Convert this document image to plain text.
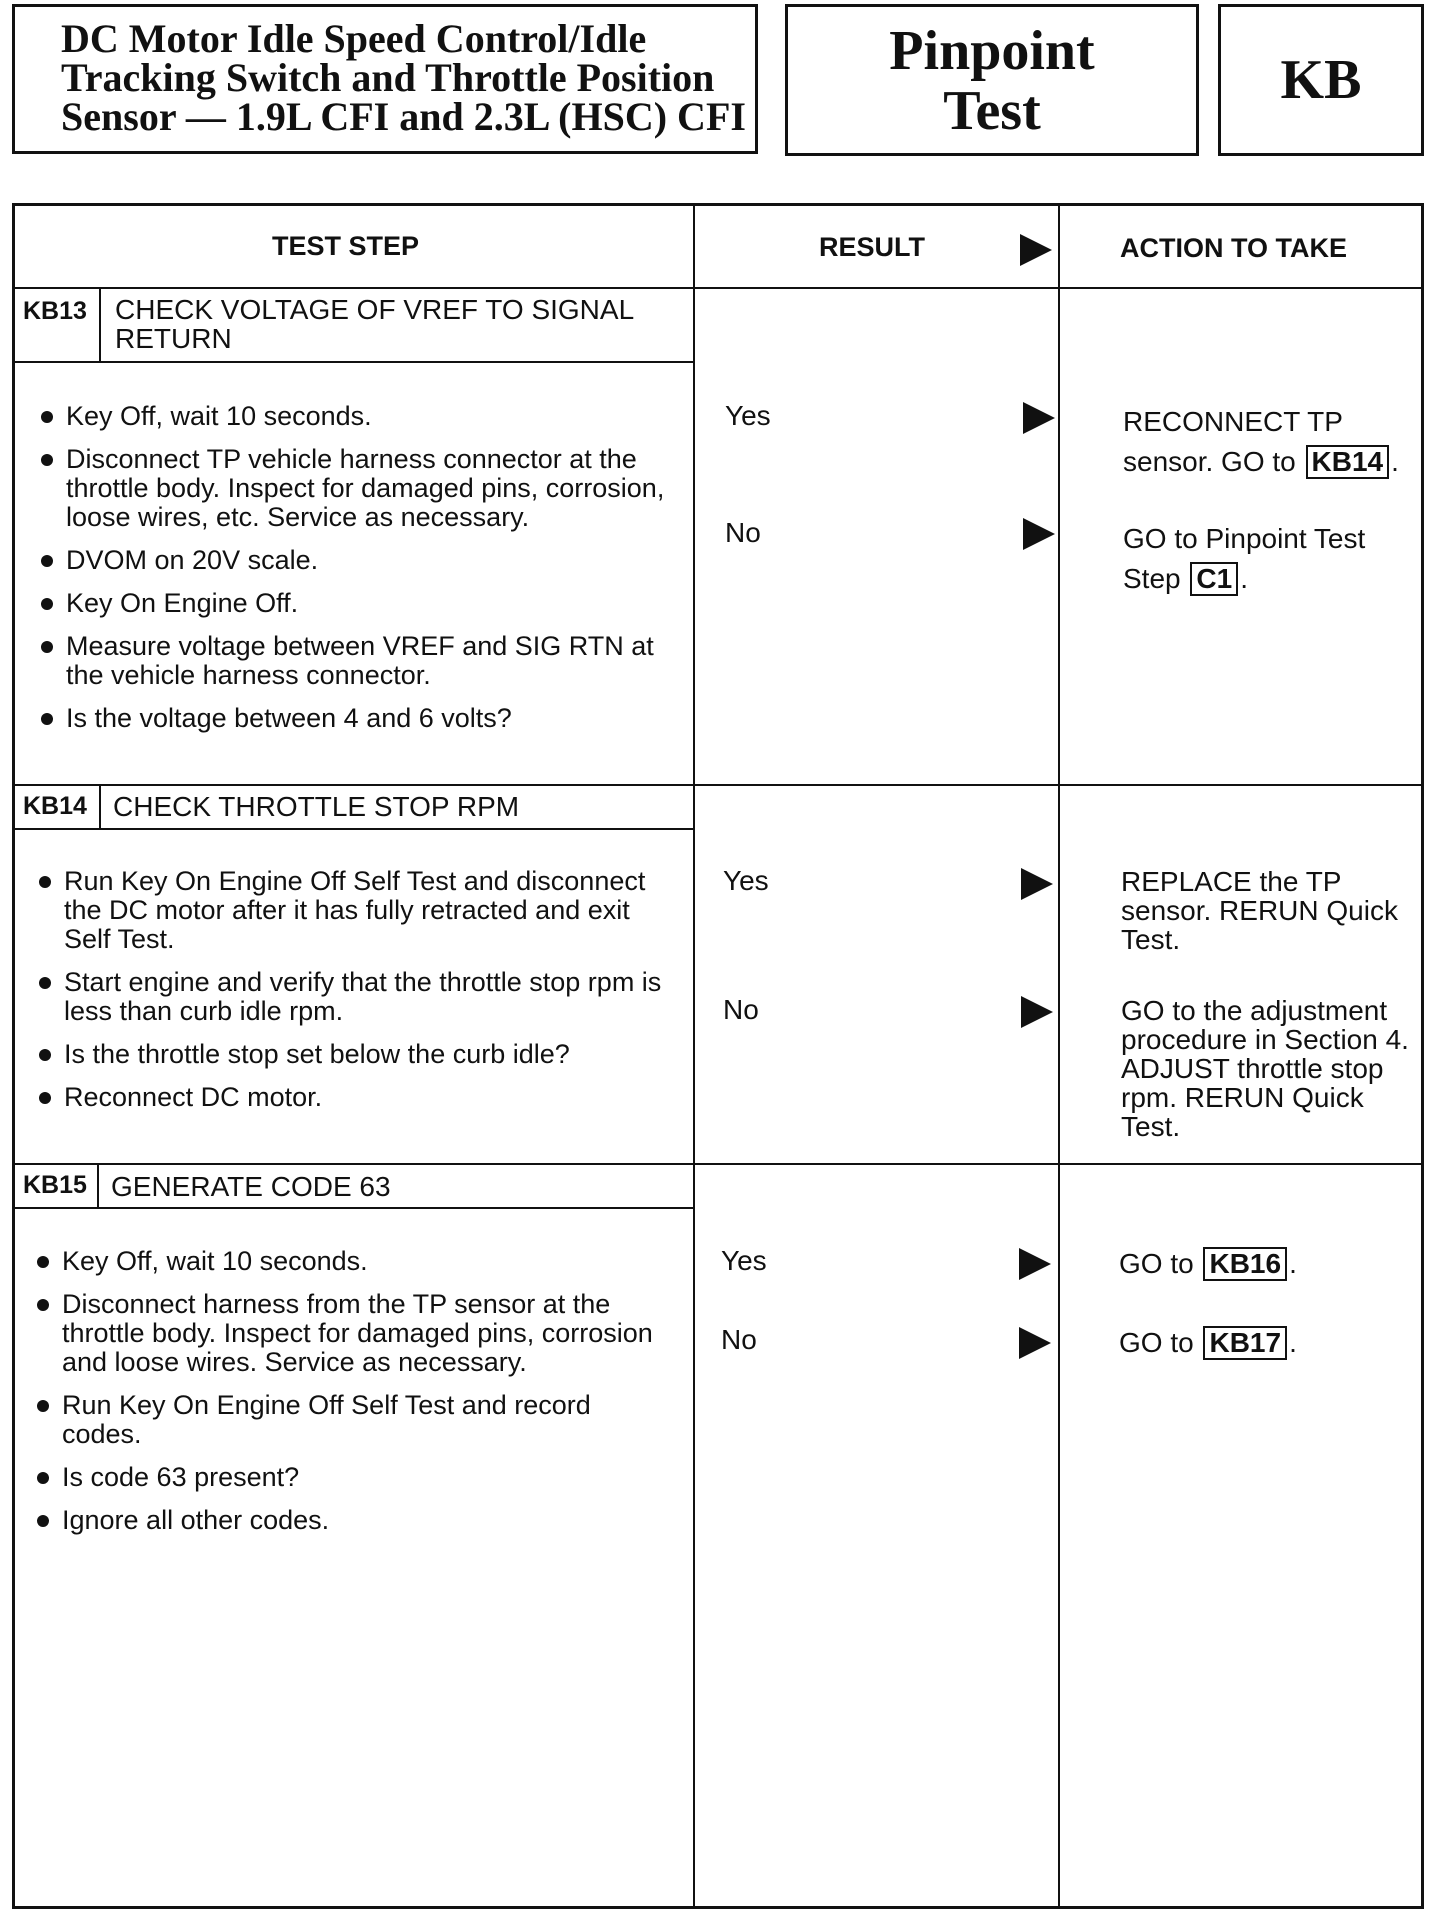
DC Motor Idle Speed Control/Idle
Tracking Switch and Throttle Position
Sensor — 1.9L CFI and 2.3L (HSC) CFI
Pinpoint
Test	KB
TEST STEP	RESULT	ACTION TO TAKE
KB13	CHECK VOLTAGE OF VREF TO SIGNAL RETURN
Key Off, wait 10 seconds.
Disconnect TP vehicle harness connector at the throttle body. Inspect for damaged pins, corrosion, loose wires, etc. Service as necessary.
DVOM on 20V scale.
Key On Engine Off.
Measure voltage between VREF and SIG RTN at the vehicle harness connector.
Is the voltage between 4 and 6 volts?
Yes	RECONNECT TP sensor. GO to KB14 .
No	GO to Pinpoint Test Step C1 .
KB14 CHECK THROTTLE STOP RPM
Run Key On Engine Off Self Test and disconnect the DC motor after it has fully retracted and exit Self Test.
Start engine and verify that the throttle stop rpm is less than curb idle rpm.
Is the throttle stop set below the curb idle?
Reconnect DC motor.
Yes	REPLACE the TP sensor. RERUN Quick Test.
No	GO to the adjustment procedure in Section 4. ADJUST throttle stop rpm. RERUN Quick Test.
KB15 GENERATE CODE 63
Key Off, wait 10 seconds.
Disconnect harness from the TP sensor at the throttle body. Inspect for damaged pins, corrosion and loose wires. Service as necessary.
Run Key On Engine Off Self Test and record codes.
Is code 63 present?
Ignore all other codes.
Yes	GO to KB16 .
No	GO to KB17 .
